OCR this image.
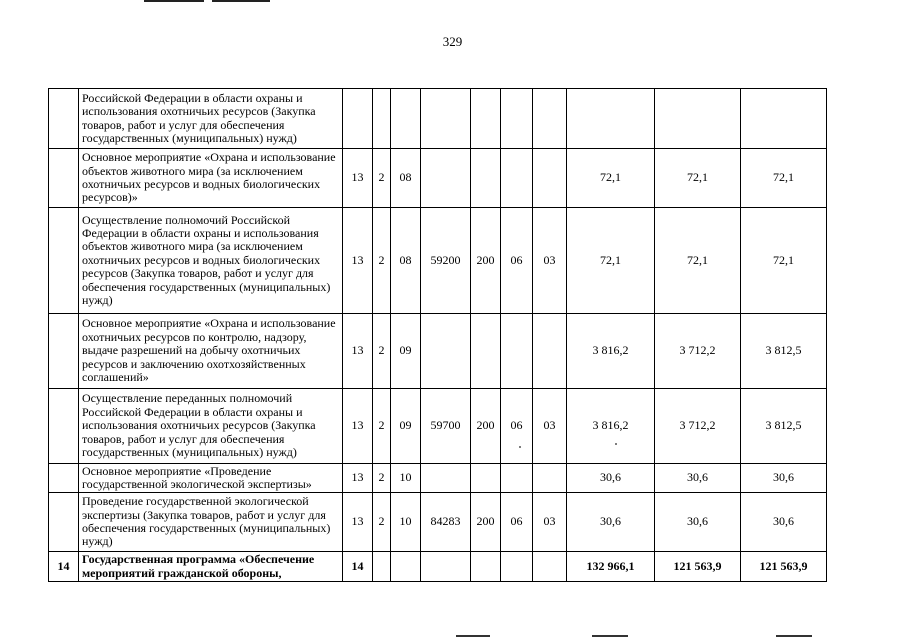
329
	Российской Федерации в области охраны и использования охотничьих ресурсов (Закупка товаров, работ и услуг для обеспечения государственных (муниципальных) нужд)										
	Основное мероприятие «Охрана и использование объектов животного мира (за исключением охотничьих ресурсов и водных биологических ресурсов)»	13	2	08					72,1	72,1	72,1
	Осуществление полномочий Российской Федерации в области охраны и использования объектов животного мира (за исключением охотничьих ресурсов и водных биологических ресурсов (Закупка товаров, работ и услуг для обеспечения государственных (муниципальных) нужд)	13	2	08	59200	200	06	03	72,1	72,1	72,1
	Основное мероприятие «Охрана и использование охотничьих ресурсов по контролю, надзору, выдаче разрешений на добычу охотничьих ресурсов и заключению охотхозяйственных соглашений»	13	2	09					3 816,2	3 712,2	3 812,5
	Осуществление переданных полномочий Российской Федерации в области охраны и использования охотничьих ресурсов (Закупка товаров, работ и услуг для обеспечения государственных (муниципальных) нужд)	13	2	09	59700	200	06	03	3 816,2	3 712,2	3 812,5
	Основное мероприятие «Проведение государственной экологической экспертизы»	13	2	10					30,6	30,6	30,6
	Проведение государственной экологической экспертизы (Закупка товаров, работ и услуг для обеспечения государственных (муниципальных) нужд)	13	2	10	84283	200	06	03	30,6	30,6	30,6
14	Государственная программа «Обеспечение мероприятий гражданской обороны,	14							132 966,1	121 563,9	121 563,9
